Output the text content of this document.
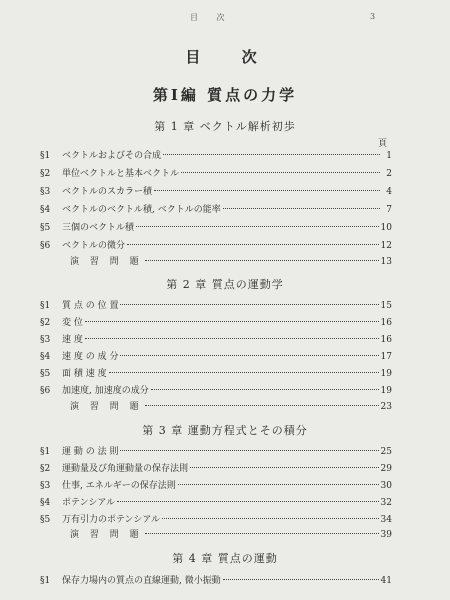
目 次	3
目 次
第Ⅰ編 質点の力学
第 1 章 ベクトル解析初歩
頁
§1	ベクトルおよびその合成	1
§2	単位ベクトルと基本ベクトル	2
§3	ベクトルのスカラー積	4
§4	ベクトルのベクトル積, ベクトルの能率	7
§5	三個のベクトル積	10
§6	ベクトルの微分	12
演 習 問 題	13
第 2 章 質点の運動学
§1	質 点 の 位 置	15
§2	変 位	16
§3	速 度	16
§4	速 度 の 成 分	17
§5	面 積 速 度	19
§6	加速度, 加速度の成分	19
演 習 問 題	23
第 3 章 運動方程式とその積分
§1	運 動 の 法 則	25
§2	運動量及び角運動量の保存法則	29
§3	仕事, エネルギーの保存法則	30
§4	ポテンシアル	32
§5	万有引力のポテンシアル	34
演 習 問 題	39
第 4 章 質点の運動
§1	保存力場内の質点の直線運動, 微小振動	41
